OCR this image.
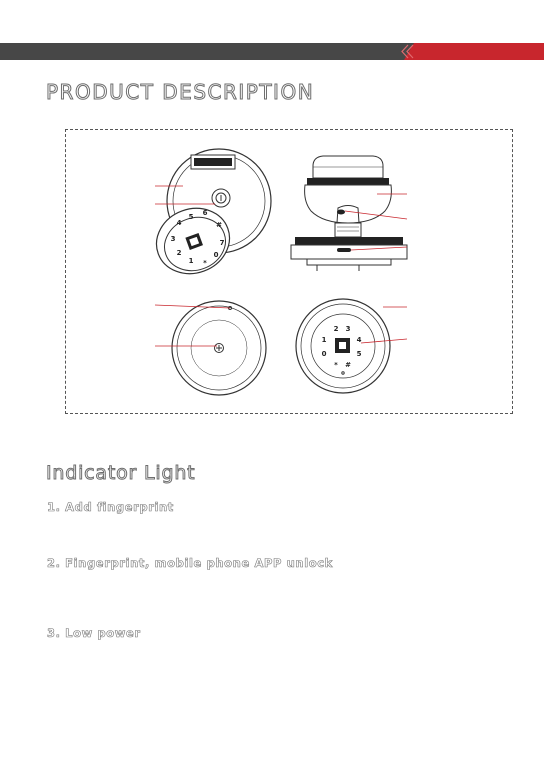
PRODUCT DESCRIPTION
4
5 6
#
3
2
1 *
0
7
2 3
1	4
0	5
* #
Indicator Light

1. Add fingerprint

2. Fingerprint, mobile phone APP unlock

3. Low power
